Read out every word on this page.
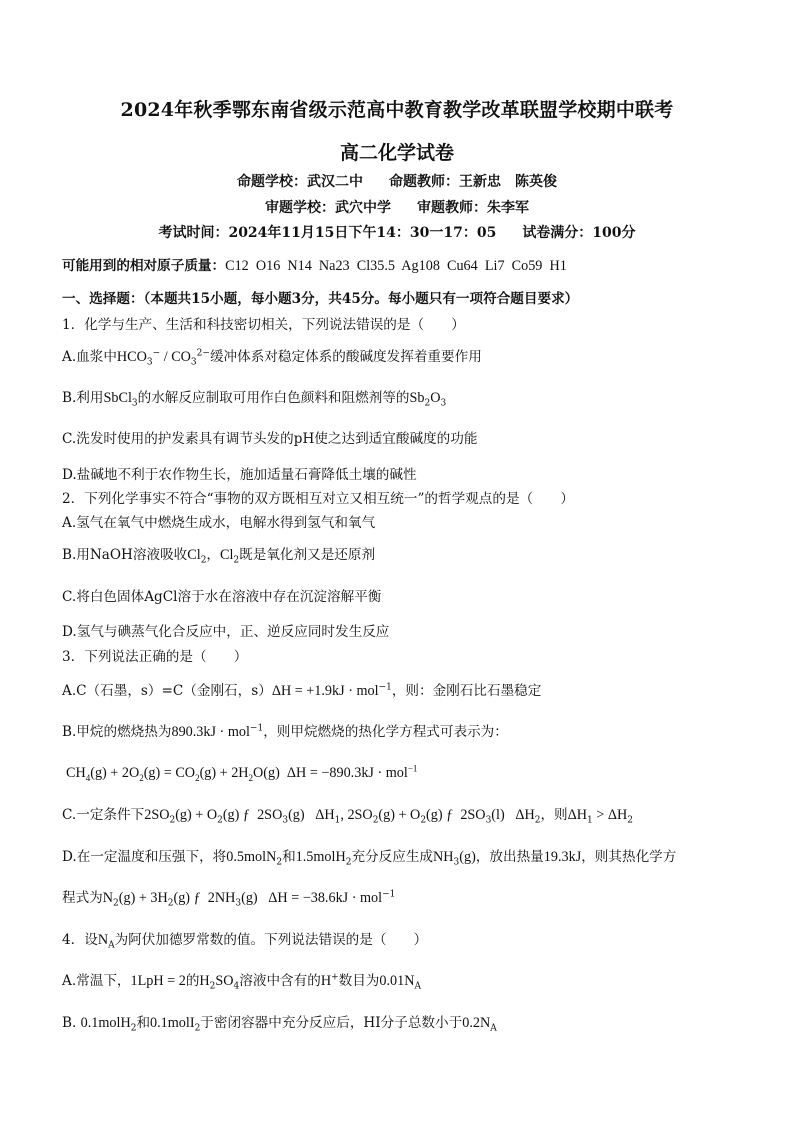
2024年秋季鄂东南省级示范高中教育教学改革联盟学校期中联考
高二化学试卷
命题学校：武汉二中 命题教师：王新忠　陈英俊
审题学校：武穴中学 审题教师：朱李军
考试时间：2024年11月15日下午14：30一17：05 试卷满分：100分
可能用到的相对原子质量：C12  O16  N14  Na23  Cl35.5  Ag108  Cu64  Li7  Co59  H1
一、选择题：（本题共15小题，每小题3分，共45分。每小题只有一项符合题目要求）
1．化学与生产、生活和科技密切相关，下列说法错误的是（　　）
A.血浆中$HCO_3^- / CO_3^{2-}$缓冲体系对稳定体系的酸碱度发挥着重要作用
B.利用SbCl$_3$的水解反应制取可用作白色颜料和阻燃剂等的$Sb_2O_3$
C.洗发时使用的护发素具有调节头发的pH使之达到适宜酸碱度的功能
D.盐碱地不利于农作物生长，施加适量石膏降低土壤的碱性
2．下列化学事实不符合“事物的双方既相互对立又相互统一”的哲学观点的是（　　）
A.氢气在氧气中燃烧生成水，电解水得到氢气和氧气
B.用NaOH溶液吸收$Cl_2$，$Cl_2$既是氧化剂又是还原剂
C.将白色固体AgCl溶于水在溶液中存在沉淀溶解平衡
D.氢气与碘蒸气化合反应中，正、逆反应同时发生反应
3．下列说法正确的是（　　）
A.C（石墨，s）=C（金刚石，s）ΔH = +1.9kJ · mol$^{-1}$，则：金刚石比石墨稳定
B.甲烷的燃烧热为890.3kJ · mol$^{-1}$，则甲烷燃烧的热化学方程式可表示为：
$CH_4(g) + 2O_2(g) = CO_2(g) + 2H_2O(g) \Delta H = -890.3kJ \cdot mol^{-1}$
C.一定条件下$2SO_2(g) + O_2(g)$ ƒ  $2SO_3(g)$   $\Delta H_1$, $2SO_2(g) + O_2(g)$ ƒ  $2SO_3(l)$   $\Delta H_2$，则$\Delta H_1 > \Delta H_2$
D.在一定温度和压强下，将0.5molN$_2$和1.5molH$_2$充分反应生成$NH_3(g)$，放出热量19.3kJ，则其热化学方
程式为$N_2(g) + 3H_2(g)$ ƒ  $2NH_3(g) \Delta H = -38.6kJ \cdot mol^{-1}$
4．设$N_A$为阿伏加德罗常数的值。下列说法错误的是（　　）
A.常温下，1LpH = 2的$H_2SO_4$溶液中含有的H+数目为$0.01N_A$
B. 0.1molH$_2$和0.1molI$_2$于密闭容器中充分反应后，HI分子总数小于$0.2N_A$
